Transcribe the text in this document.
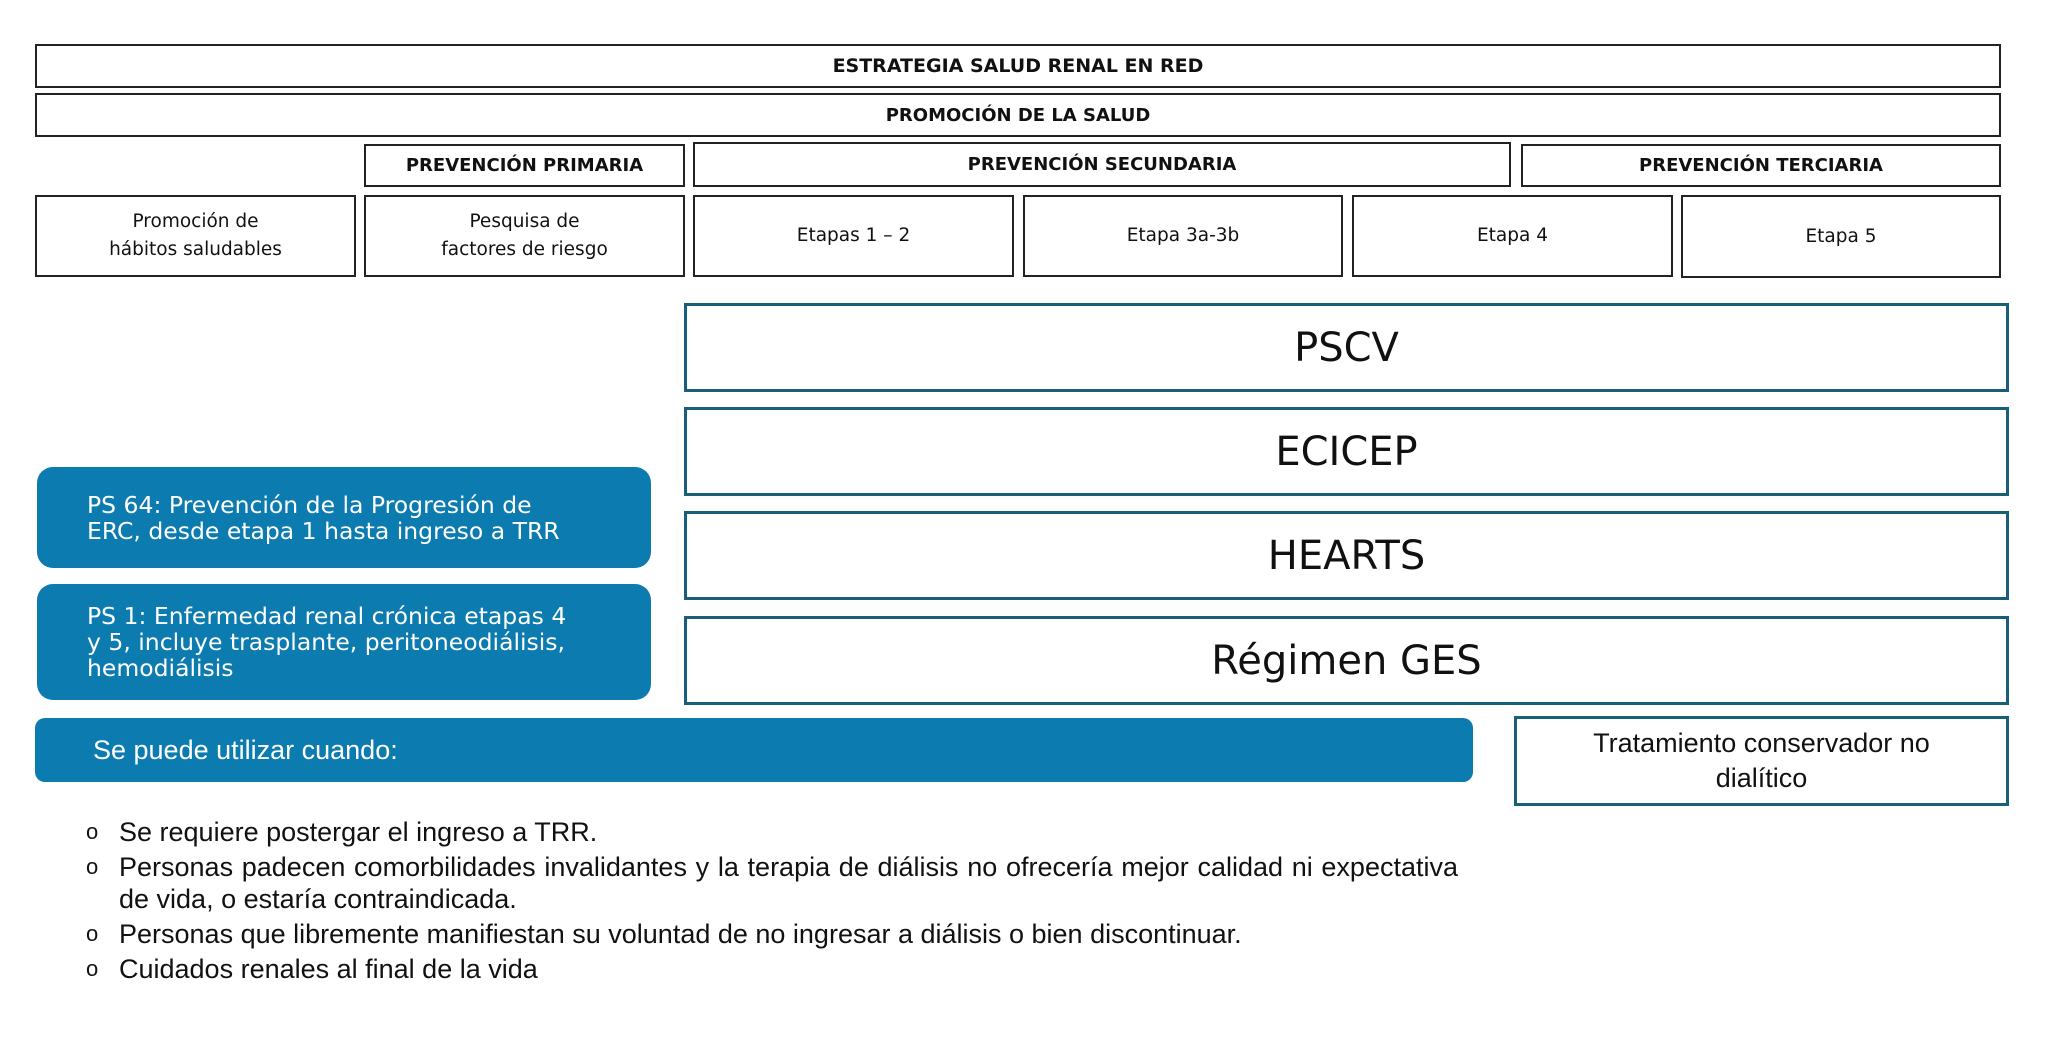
ESTRATEGIA SALUD RENAL EN RED
PROMOCIÓN DE LA SALUD
PREVENCIÓN PRIMARIA	PREVENCIÓN SECUNDARIA	PREVENCIÓN TERCIARIA
Promoción de
hábitos saludables
Pesquisa de
factores de riesgo
Etapas 1 – 2	Etapa 3a-3b	Etapa 4	Etapa 5
PSCV
ECICEP
HEARTS
Régimen GES
PS 64: Prevención de la Progresión de
ERC, desde etapa 1 hasta ingreso a TRR
PS 1: Enfermedad renal crónica etapas 4
y 5, incluye trasplante, peritoneodiálisis,
hemodiálisis
Se puede utilizar cuando:	Tratamiento conservador no
dialítico
o Se requiere postergar el ingreso a TRR.
o Personas padecen comorbilidades invalidantes y la terapia de diálisis no ofrecería mejor calidad ni expectativa de vida, o estaría contraindicada.
o Personas que libremente manifiestan su voluntad de no ingresar a diálisis o bien discontinuar.
o Cuidados renales al final de la vida
